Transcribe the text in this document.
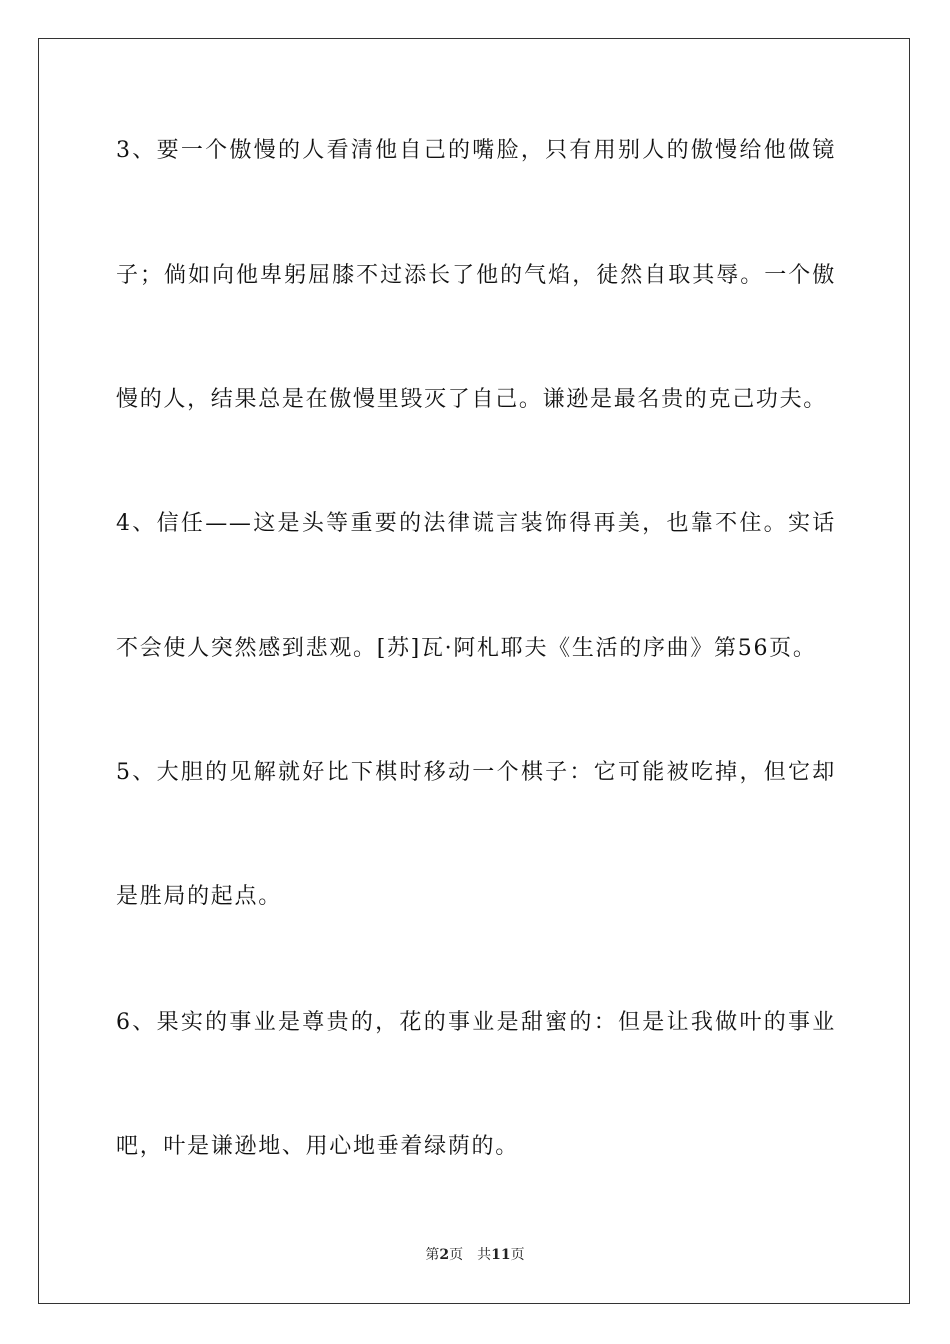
3、要一个傲慢的人看清他自己的嘴脸，只有用别人的傲慢给他做镜
子；倘如向他卑躬屈膝不过添长了他的气焰，徒然自取其辱。一个傲
慢的人，结果总是在傲慢里毁灭了自己。谦逊是最名贵的克己功夫。
4、信任——这是头等重要的法律谎言装饰得再美，也靠不住。实话
不会使人突然感到悲观。[苏]瓦·阿札耶夫《生活的序曲》第56页。
5、大胆的见解就好比下棋时移动一个棋子：它可能被吃掉，但它却
是胜局的起点。
6、果实的事业是尊贵的，花的事业是甜蜜的：但是让我做叶的事业
吧，叶是谦逊地、用心地垂着绿荫的。
第2页 共11页
